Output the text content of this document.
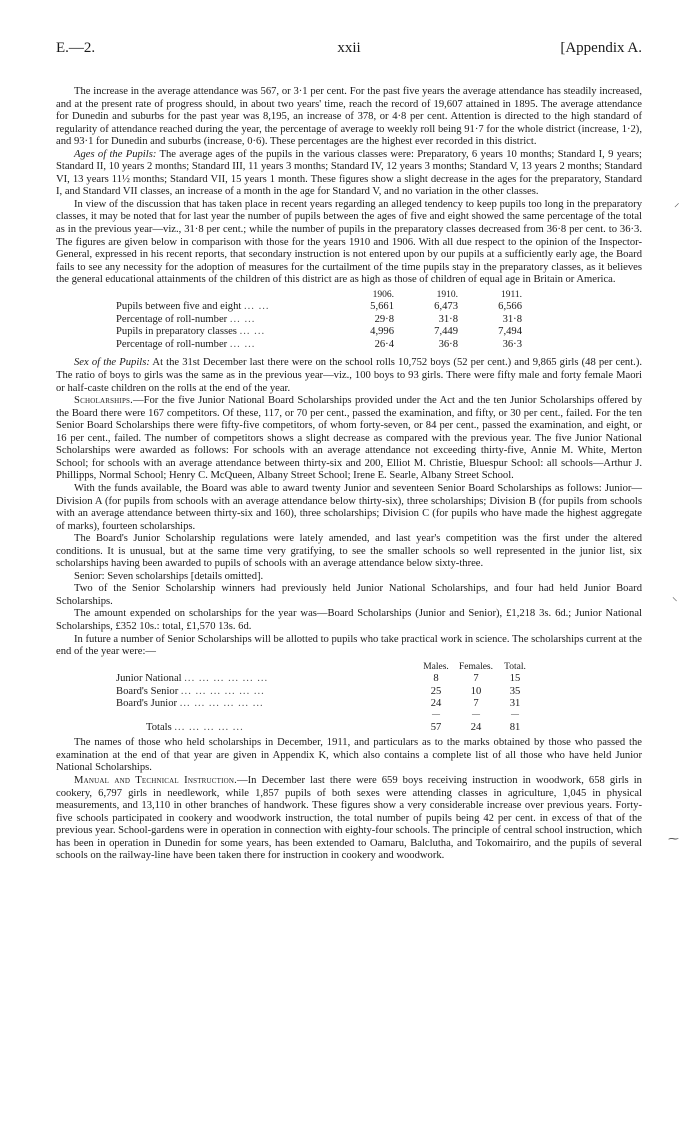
E.—2.	xxii	[Appendix A.

The increase in the average attendance was 567, or 3·1 per cent. For the past five years the average attendance has steadily increased, and at the present rate of progress should, in about two years' time, reach the record of 19,607 attained in 1895. The average attendance for Dunedin and suburbs for the past year was 8,195, an increase of 378, or 4·8 per cent. Attention is directed to the high standard of regularity of attendance reached during the year, the percentage of average to weekly roll being 91·7 for the whole district (increase, 1·2), and 93·1 for Dunedin and suburbs (increase, 0·6). These percentages are the highest ever recorded in this district.

Ages of the Pupils: The average ages of the pupils in the various classes were: Preparatory, 6 years 10 months; Standard I, 9 years; Standard II, 10 years 2 months; Standard III, 11 years 3 months; Standard IV, 12 years 3 months; Standard V, 13 years 2 months; Standard VI, 13 years 11½ months; Standard VII, 15 years 1 month. These figures show a slight decrease in the ages for the preparatory, Standard I, and Standard VII classes, an increase of a month in the age for Standard V, and no variation in the other classes.

In view of the discussion that has taken place in recent years regarding an alleged tendency to keep pupils too long in the preparatory classes, it may be noted that for last year the number of pupils between the ages of five and eight showed the same percentage of the total as in the previous year—viz., 31·8 per cent.; while the number of pupils in the preparatory classes decreased from 36·8 per cent. to 36·3. The figures are given below in comparison with those for the years 1910 and 1906. With all due respect to the opinion of the Inspector-General, expressed in his recent reports, that secondary instruction is not entered upon by our pupils at a sufficiently early age, the Board fails to see any necessity for the adoption of measures for the curtailment of the time pupils stay in the preparatory classes, as it believes the general educational attainments of the children of this district are as high as those of children of equal age in Britain or America.

	1906.	1910.	1911.
Pupils between five and eight ... ...	5,661	6,473	6,566
Percentage of roll-number ... ...	29·8	31·8	31·8
Pupils in preparatory classes ... ...	4,996	7,449	7,494
Percentage of roll-number ... ...	26·4	36·8	36·3

Sex of the Pupils: At the 31st December last there were on the school rolls 10,752 boys (52 per cent.) and 9,865 girls (48 per cent.). The ratio of boys to girls was the same as in the previous year—viz., 100 boys to 93 girls. There were fifty male and forty female Maori or half-caste children on the rolls at the end of the year.

Scholarships.—For the five Junior National Board Scholarships provided under the Act and the ten Junior Scholarships offered by the Board there were 167 competitors. Of these, 117, or 70 per cent., passed the examination, and fifty, or 30 per cent., failed. For the ten Senior Board Scholarships there were fifty-five competitors, of whom forty-seven, or 84 per cent., passed the examination, and eight, or 16 per cent., failed. The number of competitors shows a slight decrease as compared with the previous year. The five Junior National Scholarships were awarded as follows: For schools with an average attendance not exceeding thirty-five, Annie M. White, Merton School; for schools with an average attendance between thirty-six and 200, Elliot M. Christie, Bluespur School: all schools—Arthur J. Phillipps, Normal School; Henry C. McQueen, Albany Street School; Irene E. Searle, Albany Street School.

With the funds available, the Board was able to award twenty Junior and seventeen Senior Board Scholarships as follows: Junior—Division A (for pupils from schools with an average attendance below thirty-six), three scholarships; Division B (for pupils from schools with an average attendance between thirty-six and 160), three scholarships; Division C (for pupils who have made the highest aggregate of marks), fourteen scholarships.

The Board's Junior Scholarship regulations were lately amended, and last year's competition was the first under the altered conditions. It is unusual, but at the same time very gratifying, to see the smaller schools so well represented in the junior list, six scholarships having been awarded to pupils of schools with an average attendance below sixty-three.

Senior: Seven scholarships [details omitted].

Two of the Senior Scholarship winners had previously held Junior National Scholarships, and four had held Junior Board Scholarships.

The amount expended on scholarships for the year was—Board Scholarships (Junior and Senior), £1,218 3s. 6d.; Junior National Scholarships, £352 10s.: total, £1,570 13s. 6d.

In future a number of Senior Scholarships will be allotted to pupils who take practical work in science. The scholarships current at the end of the year were:—

	Males.	Females.	Total.
Junior National ... ... ... ... ... ...	8	7	15
Board's Senior ... ... ... ... ... ...	25	10	35
Board's Junior ... ... ... ... ... ...	24	7	31
	—	—	—
Totals ... ... ... ... ...	57	24	81

The names of those who held scholarships in December, 1911, and particulars as to the marks obtained by those who passed the examination at the end of that year are given in Appendix K, which also contains a complete list of all those who have held Junior National Scholarships.

Manual and Technical Instruction.—In December last there were 659 boys receiving instruction in woodwork, 658 girls in cookery, 6,797 girls in needlework, while 1,857 pupils of both sexes were attending classes in agriculture, 1,045 in physical measurements, and 13,110 in other branches of handwork. These figures show a very considerable increase over previous years. Forty-five schools participated in cookery and woodwork instruction, the total number of pupils being 42 per cent. in excess of that of the previous year. School-gardens were in operation in connection with eighty-four schools. The principle of central school instruction, which has been in operation in Dunedin for some years, has been extended to Oamaru, Balclutha, and Tokomairiro, and the pupils of several schools on the railway-line have been taken there for instruction in cookery and woodwork.

⸍
⸌
⁓
